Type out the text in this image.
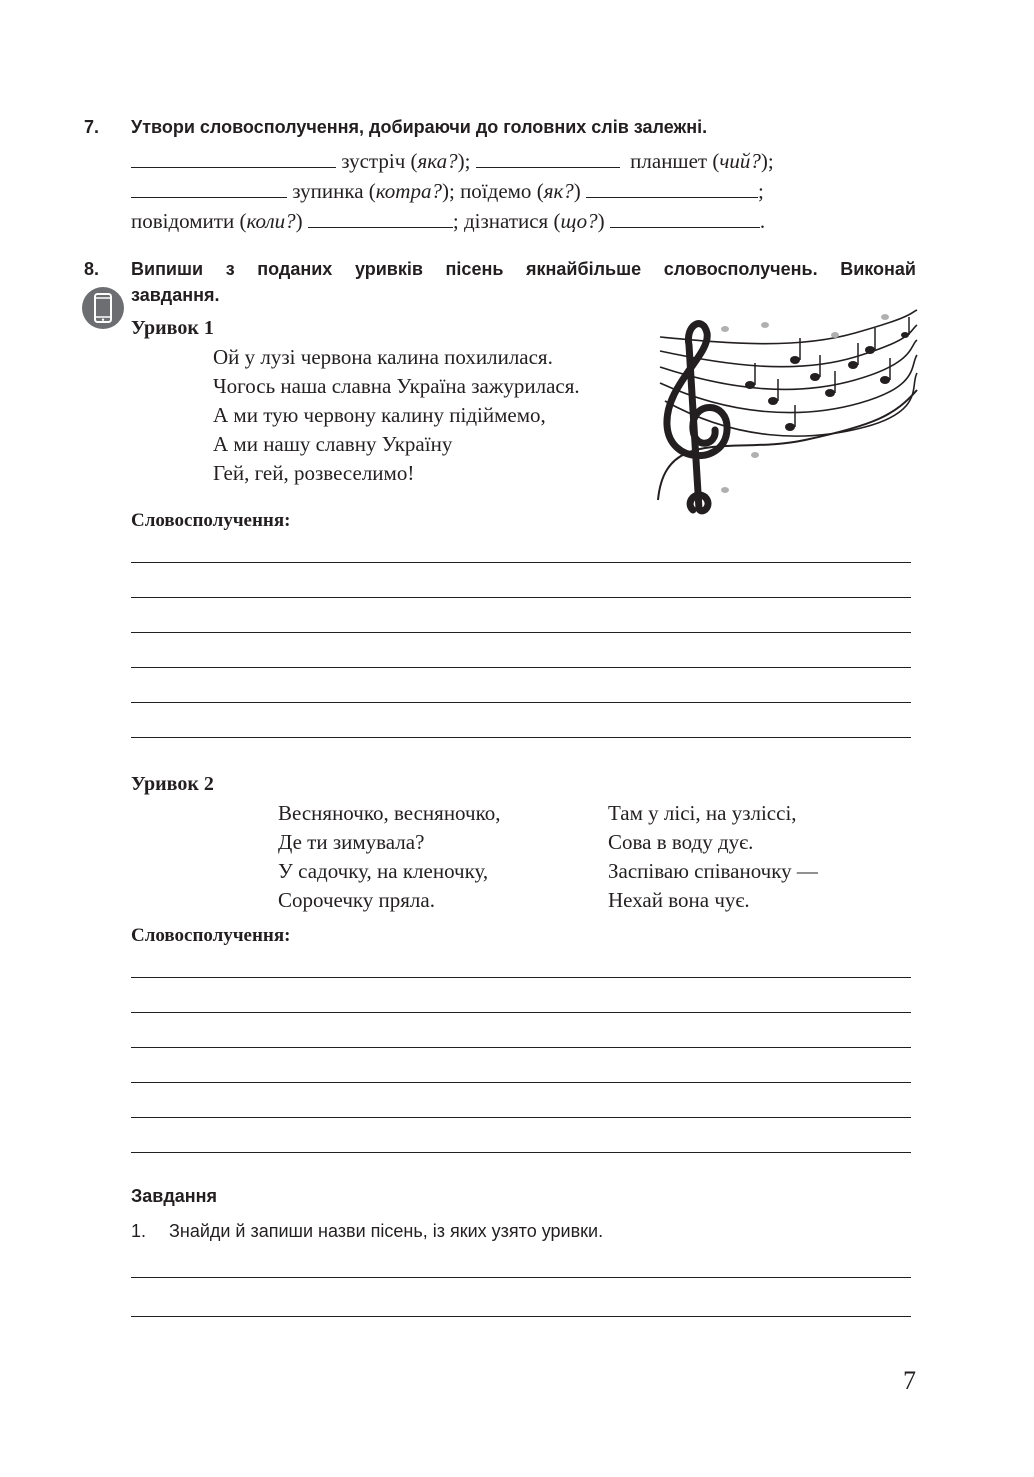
7. Утвори словосполучення, добираючи до головних слів залежні.
зустріч (яка?);	планшет (чий?);
зупинка (котра?); поїдемо (як?)	;
повідомити (коли?)	; дізнатися (що?)	.
8. Випиши з поданих уривків пісень якнайбільше словосполучень. Виконай
завдання.
Уривок 1

Ой у лузі червона калина похилилася.

Чогось наша славна Україна зажурилася.

А ми тую червону калину підіймемо,

А ми нашу славну Україну

Гей, гей, розвеселимо!

Словосполучення:
Уривок 2

Весняночко, весняночко,

Де ти зимувала?

У садочку, на кленочку,

Сорочечку пряла.

Там у лісі, на узліссі,

Сова в воду дує.

Заспіваю співаночку —

Нехай вона чує.

Словосполучення:
Завдання
1. Знайди й запиши назви пісень, із яких узято уривки.
7
